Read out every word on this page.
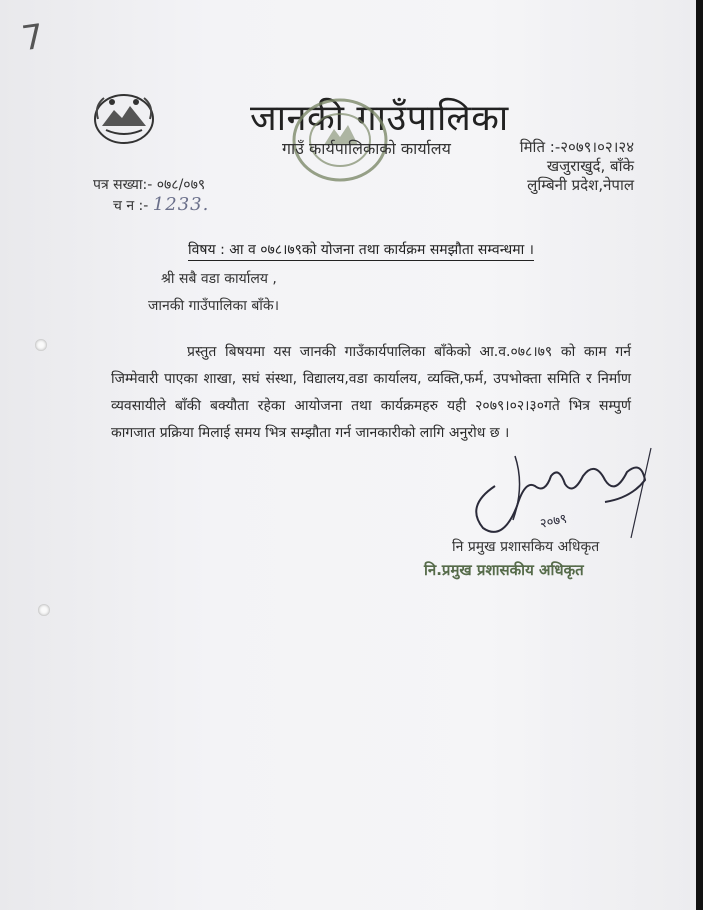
7
जानकी गाउँपालिका
गाउँ कार्यपालिकाको कार्यालय	मिति :-२०७९।०२।२४
खजुराखुर्द, बाँके
लुम्बिनी प्रदेश,नेपाल
पत्र सख्या:- ०७८/०७९
च न :- 1233.
विषय : आ व ०७८।७९को योजना तथा कार्यक्रम समझौता सम्वन्धमा ।
श्री सबै वडा कार्यालय ,
जानकी गाउँपालिका बाँके।

प्रस्तुत बिषयमा यस जानकी गाउँकार्यपालिका बाँकेको आ.व.०७८।७९ को काम गर्न जिम्मेवारी पाएका शाखा, सघं संस्था, विद्यालय,वडा कार्यालय, व्यक्ति,फर्म, उपभोक्ता समिति र निर्माण व्यवसायीले बाँकी बक्यौता रहेका आयोजना तथा कार्यक्रमहरु यही २०७९।०२।३०गते भित्र सम्पुर्ण कागजात प्रक्रिया मिलाई समय भित्र सम्झौता गर्न जानकारीको लागि अनुरोध छ ।

२०७९
नि प्रमुख प्रशासकिय अधिकृत
नि.प्रमुख प्रशासकीय अधिकृत
